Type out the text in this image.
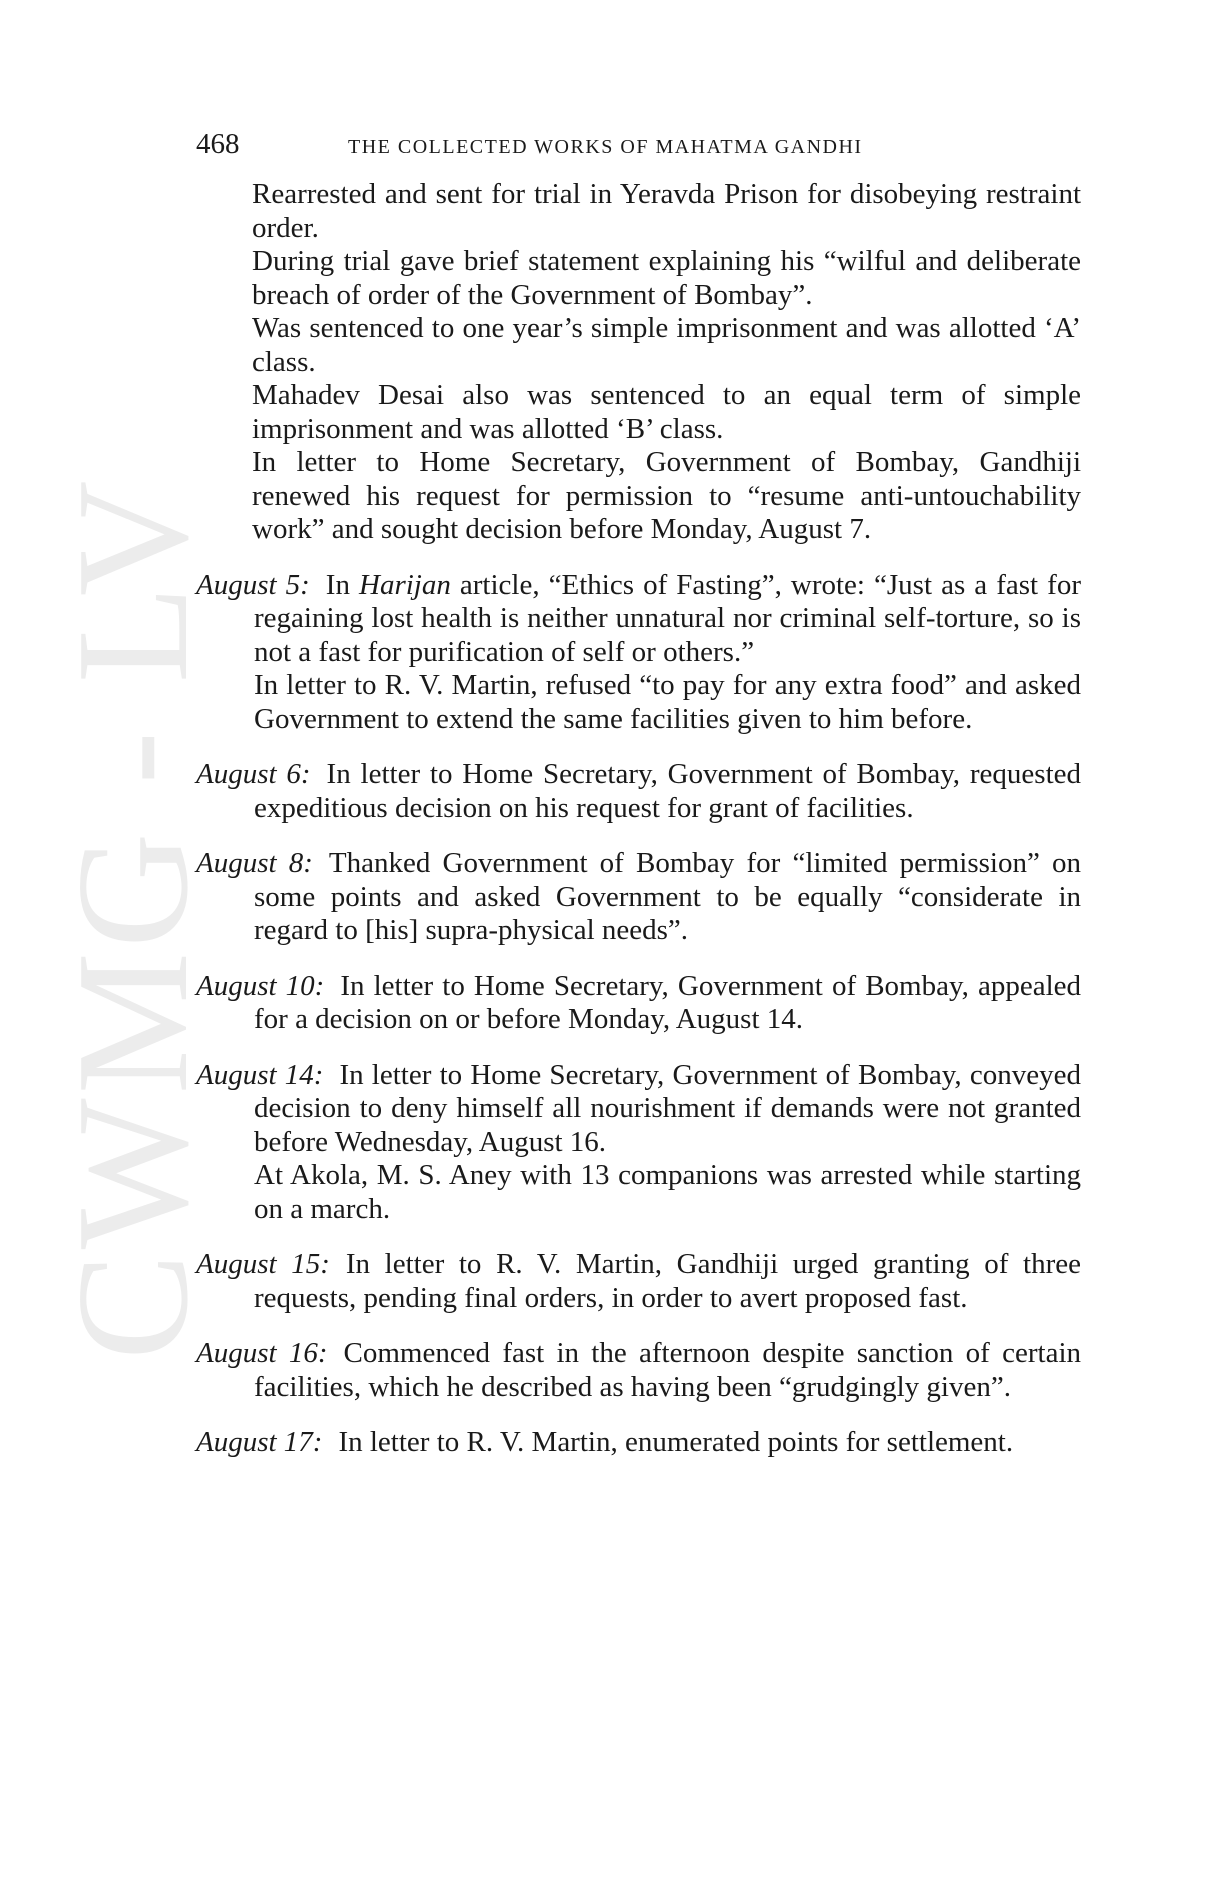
CWMG - LV
468	THE COLLECTED WORKS OF MAHATMA GANDHI

Rearrested and sent for trial in Yeravda Prison for disobeying restraint order.

During trial gave brief statement explaining his “wilful and deliberate breach of order of the Government of Bombay”.

Was sentenced to one year’s simple imprisonment and was allotted ‘A’ class.

Mahadev Desai also was sentenced to an equal term of simple imprisonment and was allotted ‘B’ class.

In letter to Home Secretary, Government of Bombay, Gandhiji renewed his request for permission to “resume anti-untouchability work” and sought decision before Monday, August 7.

August 5: In Harijan article, “Ethics of Fasting”, wrote: “Just as a fast for regaining lost health is neither unnatural nor criminal self-torture, so is not a fast for purification of self or others.”

In letter to R. V. Martin, refused “to pay for any extra food” and asked Government to extend the same facilities given to him before.

August 6: In letter to Home Secretary, Government of Bombay, requested expeditious decision on his request for grant of facilities.

August 8: Thanked Government of Bombay for “limited permission” on some points and asked Government to be equally “considerate in regard to [his] supra-physical needs”.

August 10: In letter to Home Secretary, Government of Bombay, appealed for a decision on or before Monday, August 14.

August 14: In letter to Home Secretary, Government of Bombay, conveyed decision to deny himself all nourishment if demands were not granted before Wednesday, August 16.

At Akola, M. S. Aney with 13 companions was arrested while starting on a march.

August 15: In letter to R. V. Martin, Gandhiji urged granting of three requests, pending final orders, in order to avert proposed fast.

August 16: Commenced fast in the afternoon despite sanction of certain facilities, which he described as having been “grudgingly given”.

August 17: In letter to R. V. Martin, enumerated points for settlement.
